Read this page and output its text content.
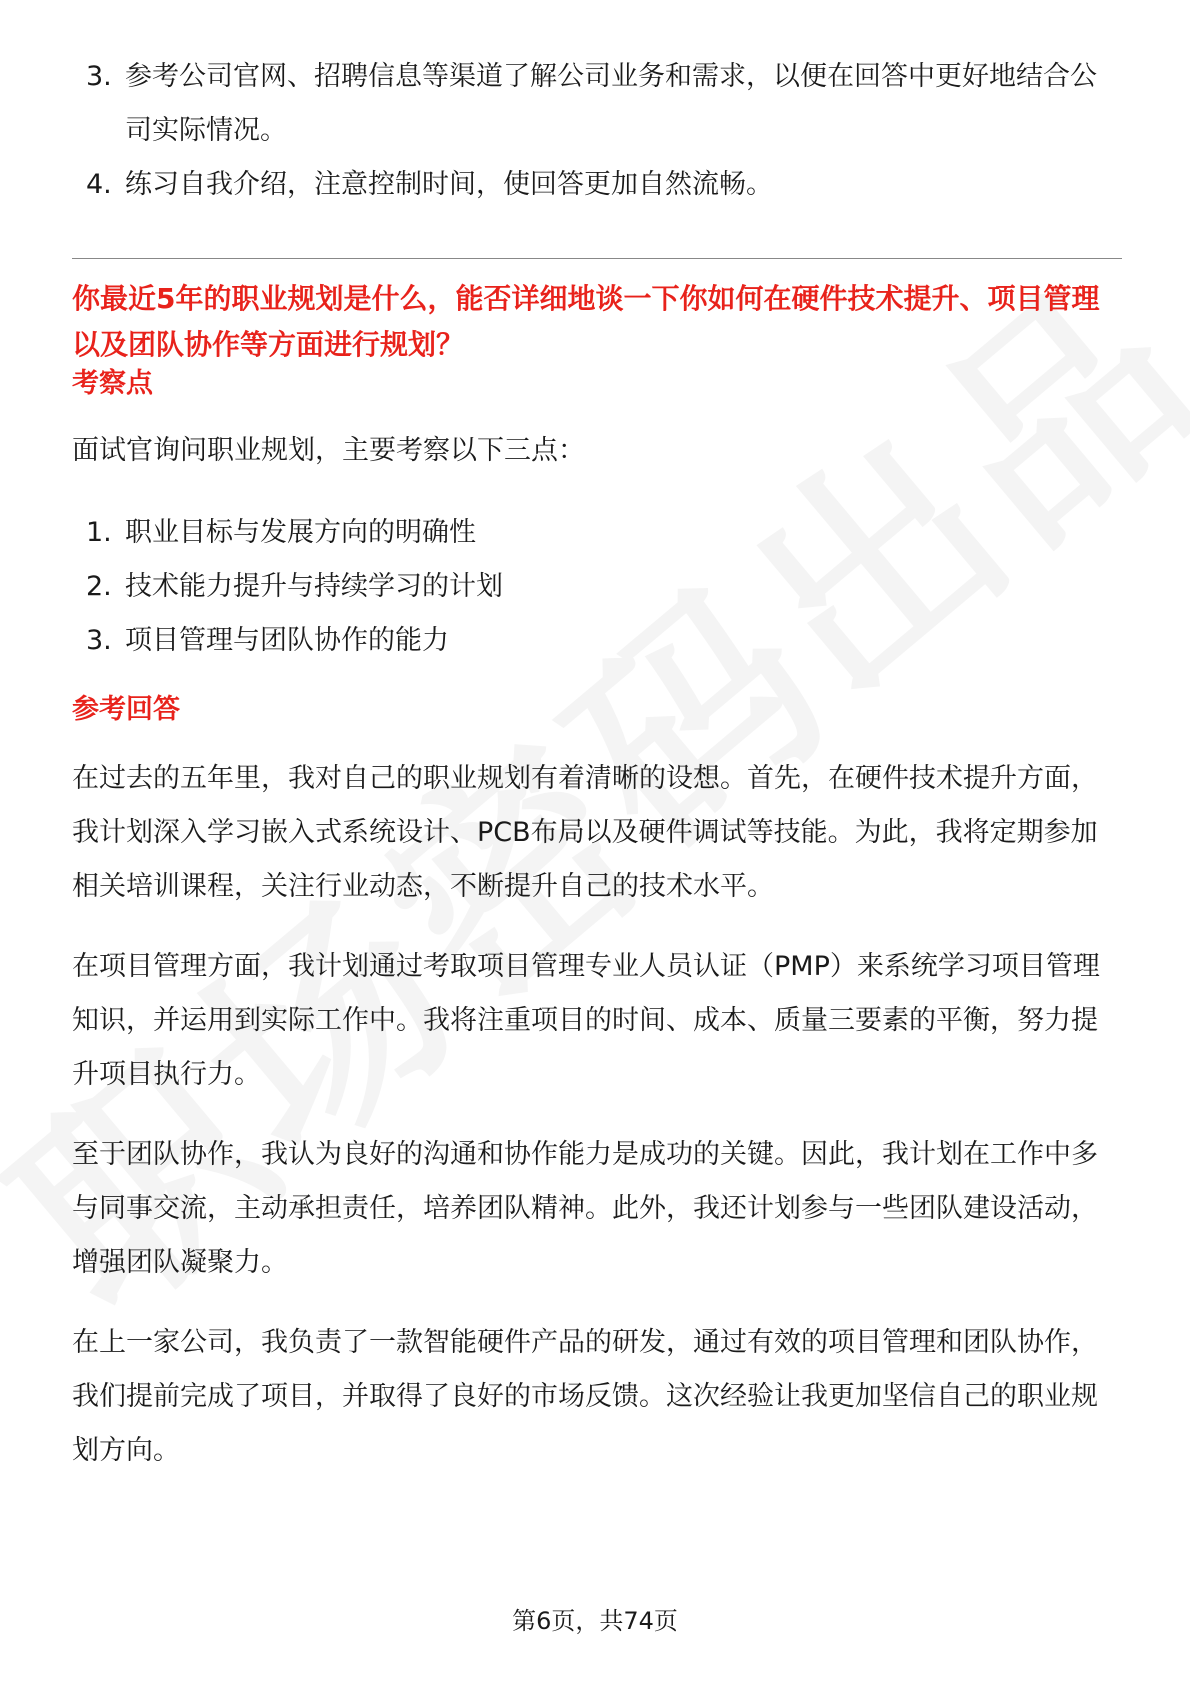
3. 参考公司官网、招聘信息等渠道了解公司业务和需求，以便在回答中更好地结合公司实际情况。
4. 练习自我介绍，注意控制时间，使回答更加自然流畅。

你最近5年的职业规划是什么，能否详细地谈一下你如何在硬件技术提升、项目管理以及团队协作等方面进行规划？

考察点

面试官询问职业规划，主要考察以下三点：

1. 职业目标与发展方向的明确性
2. 技术能力提升与持续学习的计划
3. 项目管理与团队协作的能力

参考回答

在过去的五年里，我对自己的职业规划有着清晰的设想。首先，在硬件技术提升方面，我计划深入学习嵌入式系统设计、PCB布局以及硬件调试等技能。为此，我将定期参加相关培训课程，关注行业动态，不断提升自己的技术水平。

在项目管理方面，我计划通过考取项目管理专业人员认证（PMP）来系统学习项目管理知识，并运用到实际工作中。我将注重项目的时间、成本、质量三要素的平衡，努力提升项目执行力。

至于团队协作，我认为良好的沟通和协作能力是成功的关键。因此，我计划在工作中多与同事交流，主动承担责任，培养团队精神。此外，我还计划参与一些团队建设活动，增强团队凝聚力。

在上一家公司，我负责了一款智能硬件产品的研发，通过有效的项目管理和团队协作，我们提前完成了项目，并取得了良好的市场反馈。这次经验让我更加坚信自己的职业规划方向。

第6页，共74页
